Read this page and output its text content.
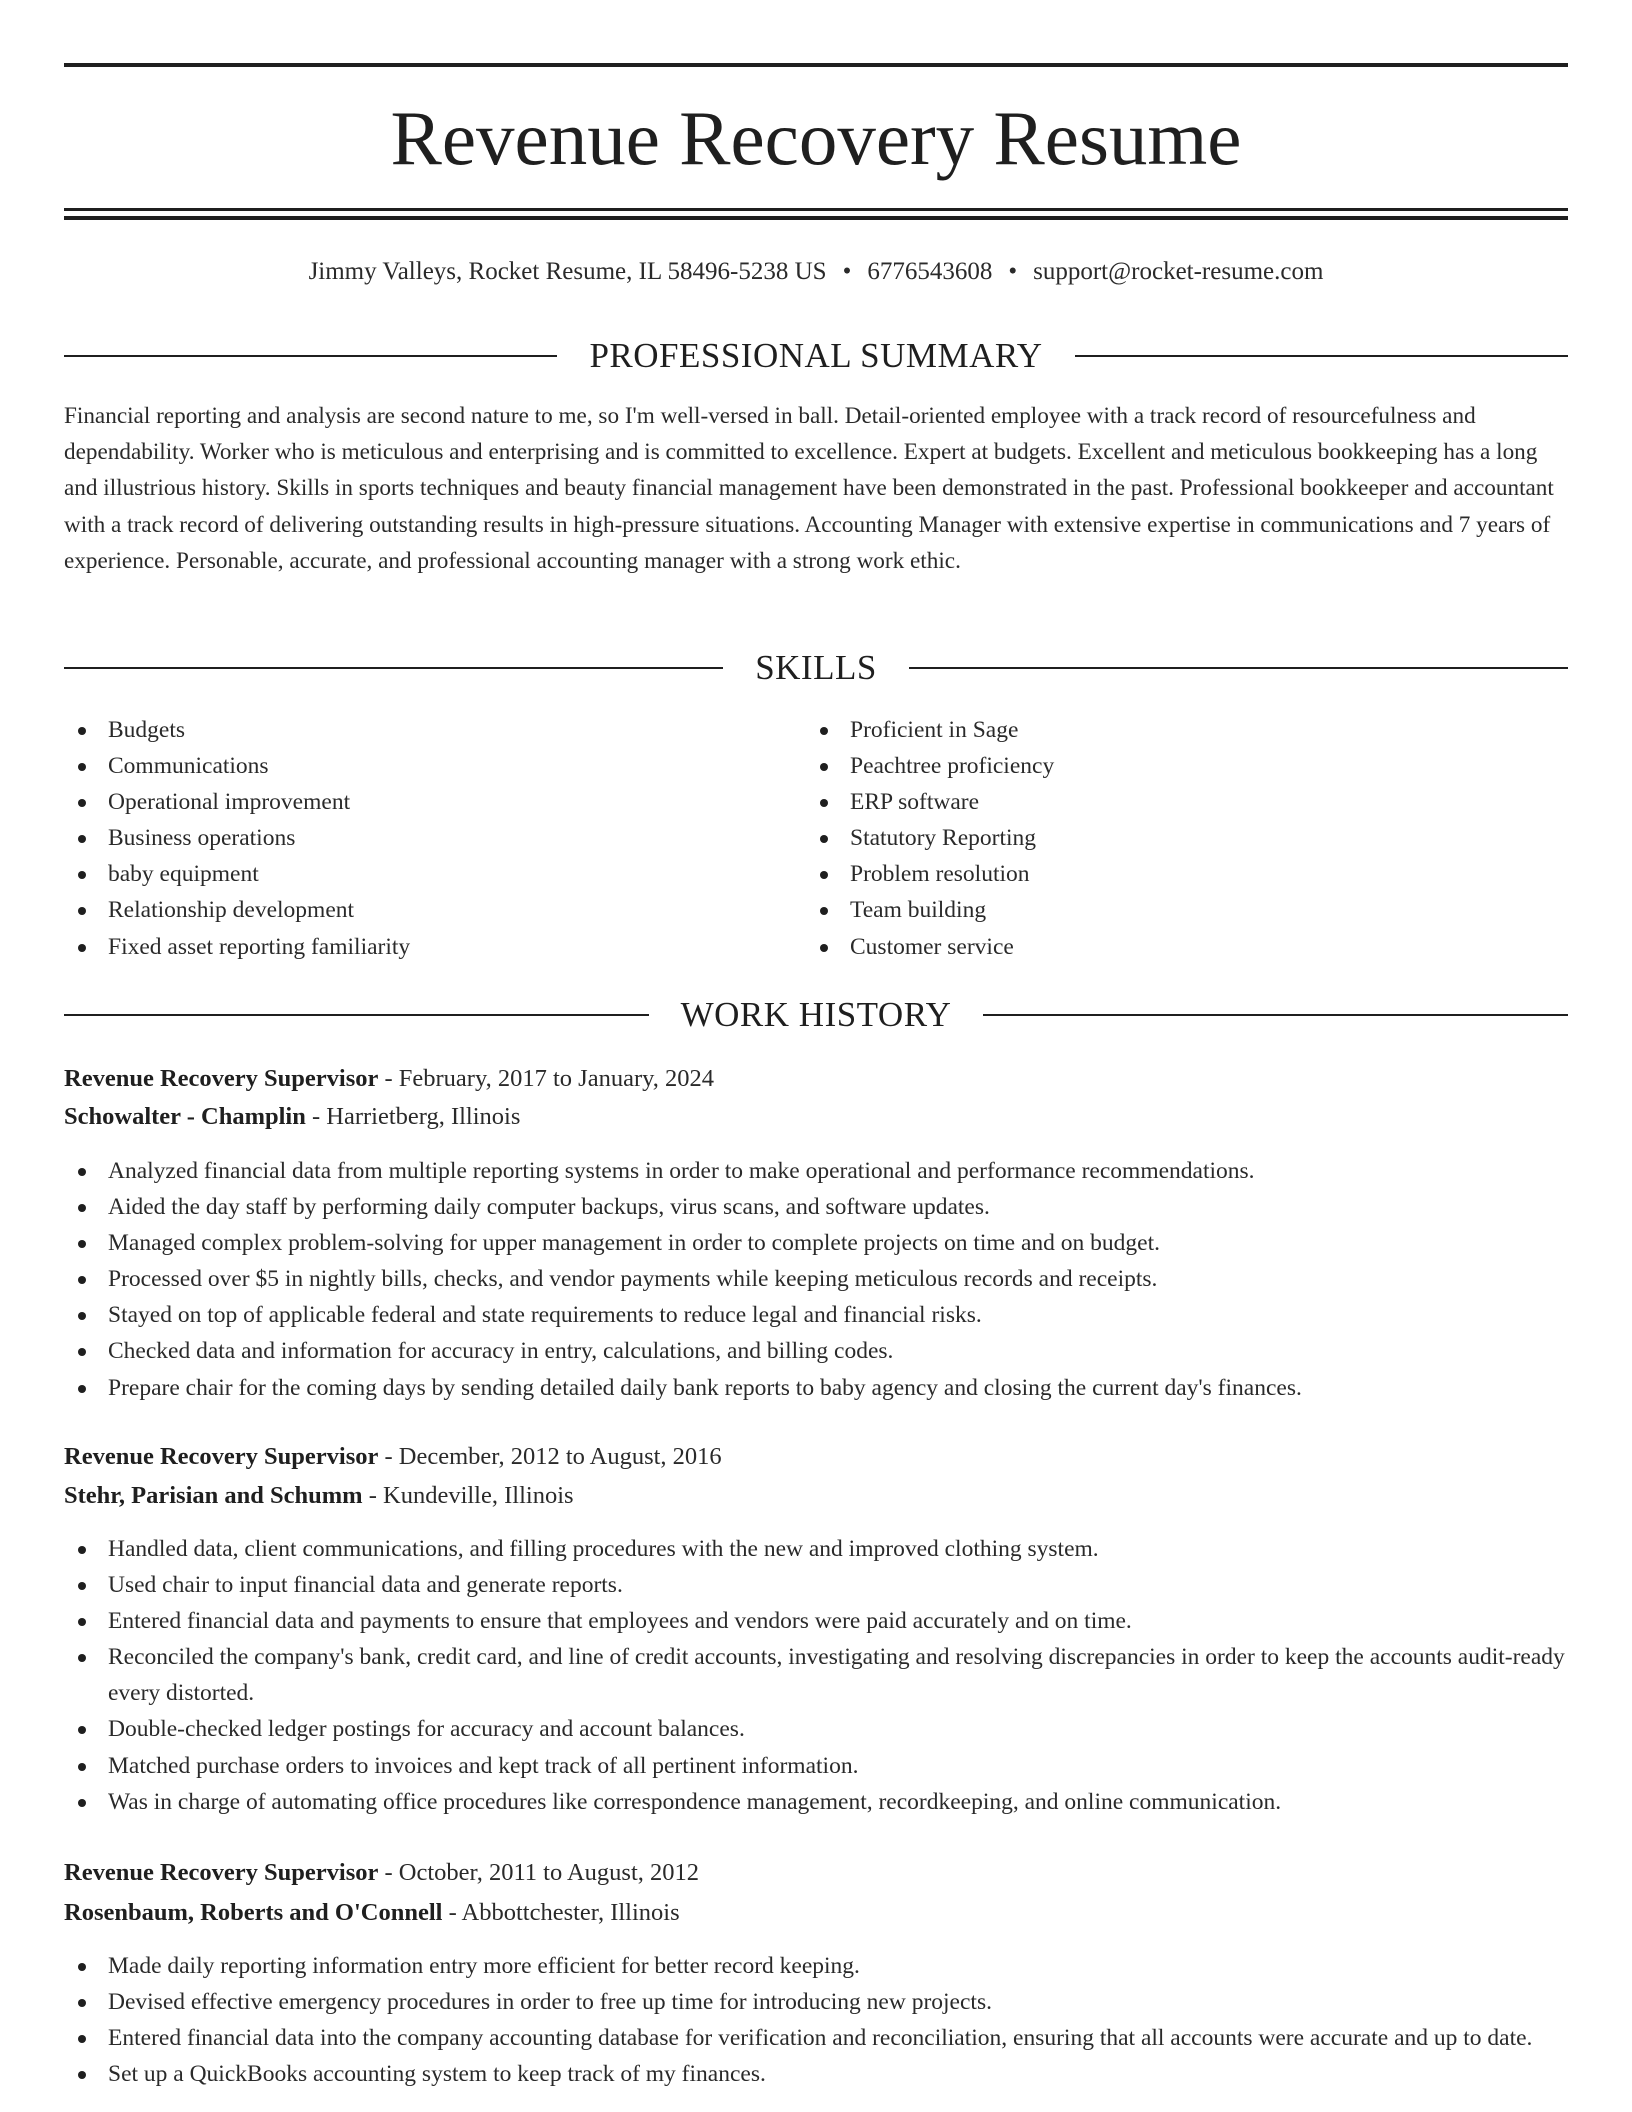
Revenue Recovery Resume
Jimmy Valleys, Rocket Resume, IL 58496-5238 US • 6776543608 • support@rocket-resume.com
PROFESSIONAL SUMMARY

Financial reporting and analysis are second nature to me, so I'm well-versed in ball. Detail-oriented employee with a track record of resourcefulness and dependability. Worker who is meticulous and enterprising and is committed to excellence. Expert at budgets. Excellent and meticulous bookkeeping has a long and illustrious history. Skills in sports techniques and beauty financial management have been demonstrated in the past. Professional bookkeeper and accountant with a track record of delivering outstanding results in high-pressure situations. Accounting Manager with extensive expertise in communications and 7 years of experience. Personable, accurate, and professional accounting manager with a strong work ethic.

SKILLS
Budgets
Communications
Operational improvement
Business operations
baby equipment
Relationship development
Fixed asset reporting familiarity
Proficient in Sage
Peachtree proficiency
ERP software
Statutory Reporting
Problem resolution
Team building
Customer service
WORK HISTORY
Revenue Recovery Supervisor - February, 2017 to January, 2024
Schowalter - Champlin - Harrietberg, Illinois
Analyzed financial data from multiple reporting systems in order to make operational and performance recommendations.
Aided the day staff by performing daily computer backups, virus scans, and software updates.
Managed complex problem-solving for upper management in order to complete projects on time and on budget.
Processed over $5 in nightly bills, checks, and vendor payments while keeping meticulous records and receipts.
Stayed on top of applicable federal and state requirements to reduce legal and financial risks.
Checked data and information for accuracy in entry, calculations, and billing codes.
Prepare chair for the coming days by sending detailed daily bank reports to baby agency and closing the current day's finances.
Revenue Recovery Supervisor - December, 2012 to August, 2016
Stehr, Parisian and Schumm - Kundeville, Illinois
Handled data, client communications, and filling procedures with the new and improved clothing system.
Used chair to input financial data and generate reports.
Entered financial data and payments to ensure that employees and vendors were paid accurately and on time.
Reconciled the company's bank, credit card, and line of credit accounts, investigating and resolving discrepancies in order to keep the accounts audit-ready every distorted.
Double-checked ledger postings for accuracy and account balances.
Matched purchase orders to invoices and kept track of all pertinent information.
Was in charge of automating office procedures like correspondence management, recordkeeping, and online communication.
Revenue Recovery Supervisor - October, 2011 to August, 2012
Rosenbaum, Roberts and O'Connell - Abbottchester, Illinois
Made daily reporting information entry more efficient for better record keeping.
Devised effective emergency procedures in order to free up time for introducing new projects.
Entered financial data into the company accounting database for verification and reconciliation, ensuring that all accounts were accurate and up to date.
Set up a QuickBooks accounting system to keep track of my finances.
